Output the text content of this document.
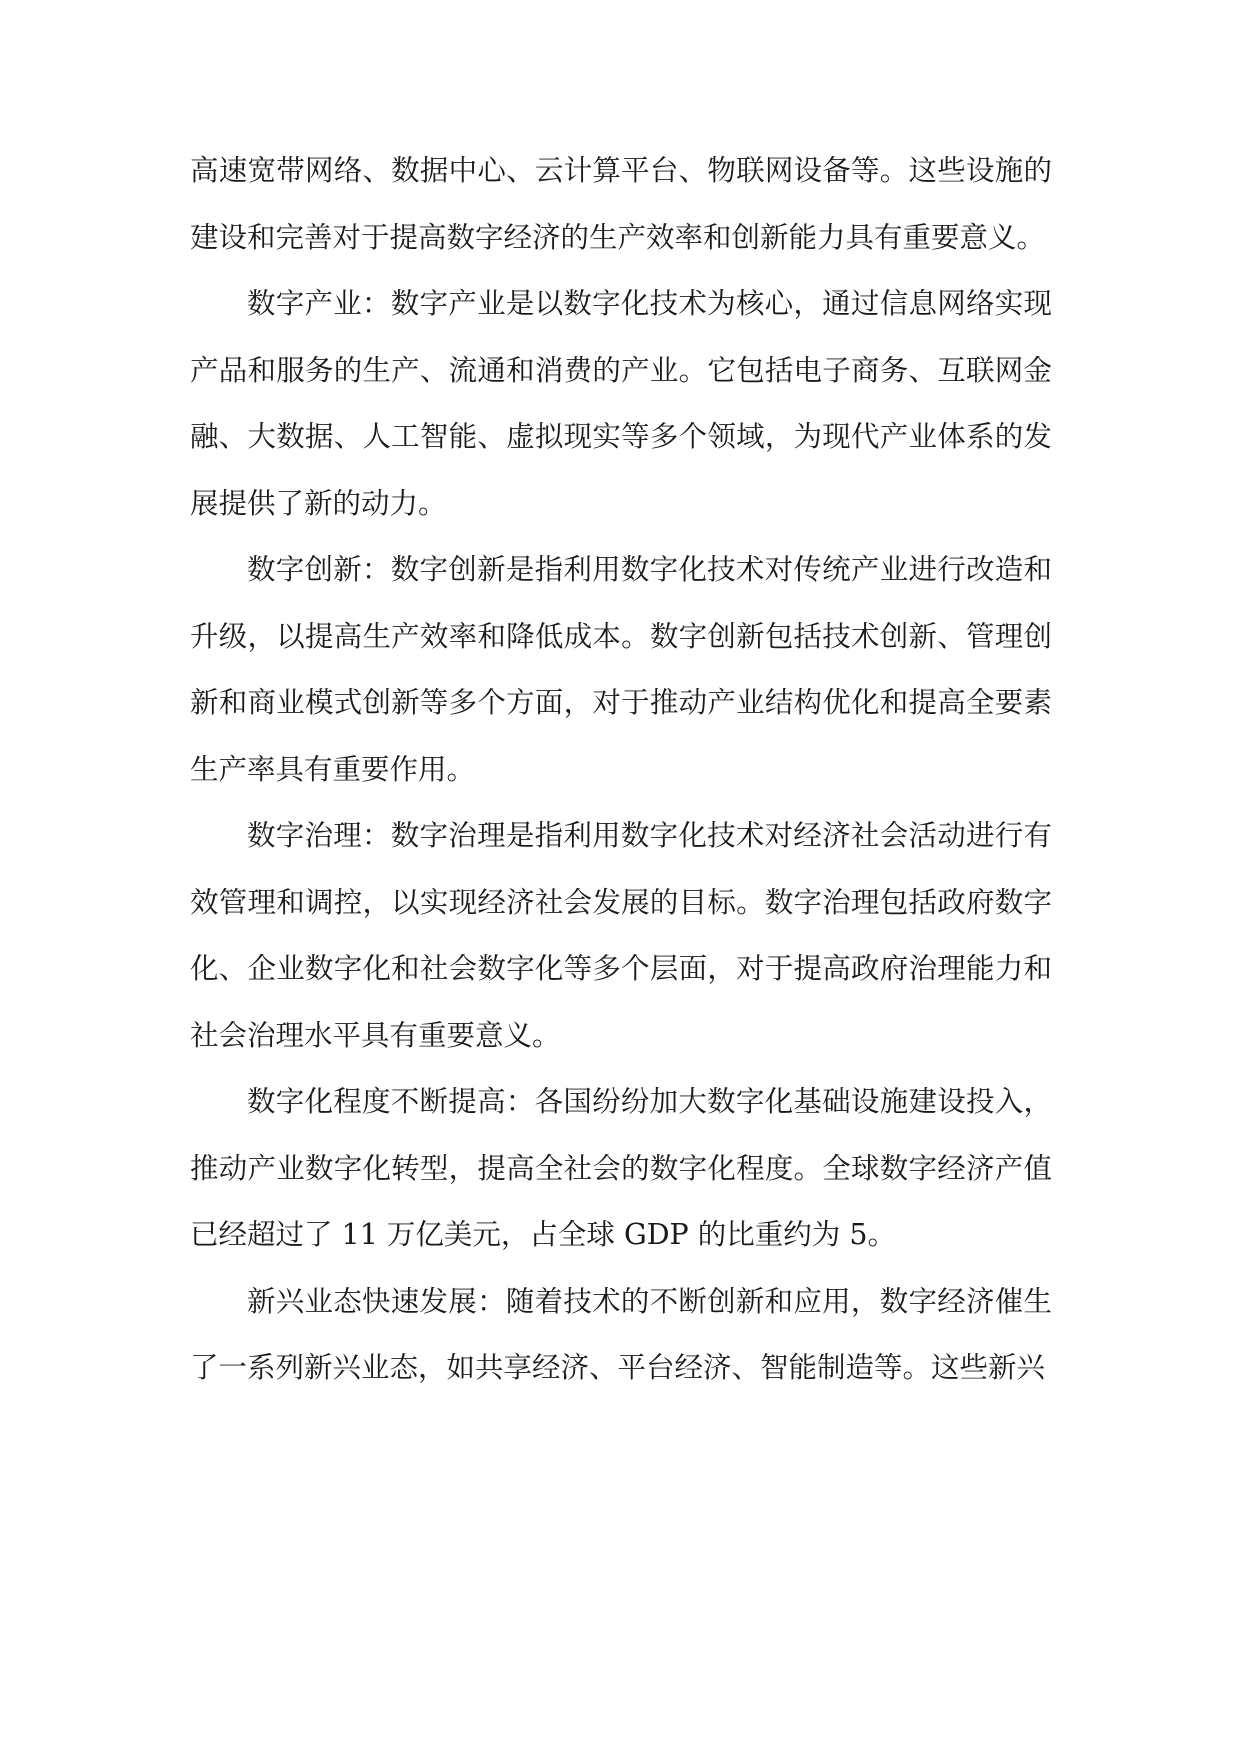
高速宽带网络、数据中心、云计算平台、物联网设备等。这些设施的建设和完善对于提高数字经济的生产效率和创新能力具有重要意义。

数字产业：数字产业是以数字化技术为核心，通过信息网络实现产品和服务的生产、流通和消费的产业。它包括电子商务、互联网金融、大数据、人工智能、虚拟现实等多个领域，为现代产业体系的发展提供了新的动力。

数字创新：数字创新是指利用数字化技术对传统产业进行改造和升级，以提高生产效率和降低成本。数字创新包括技术创新、管理创新和商业模式创新等多个方面，对于推动产业结构优化和提高全要素生产率具有重要作用。

数字治理：数字治理是指利用数字化技术对经济社会活动进行有效管理和调控，以实现经济社会发展的目标。数字治理包括政府数字化、企业数字化和社会数字化等多个层面，对于提高政府治理能力和社会治理水平具有重要意义。

数字化程度不断提高：各国纷纷加大数字化基础设施建设投入，推动产业数字化转型，提高全社会的数字化程度。全球数字经济产值已经超过了 11 万亿美元，占全球 GDP 的比重约为 5。

新兴业态快速发展：随着技术的不断创新和应用，数字经济催生了一系列新兴业态，如共享经济、平台经济、智能制造等。这些新兴
